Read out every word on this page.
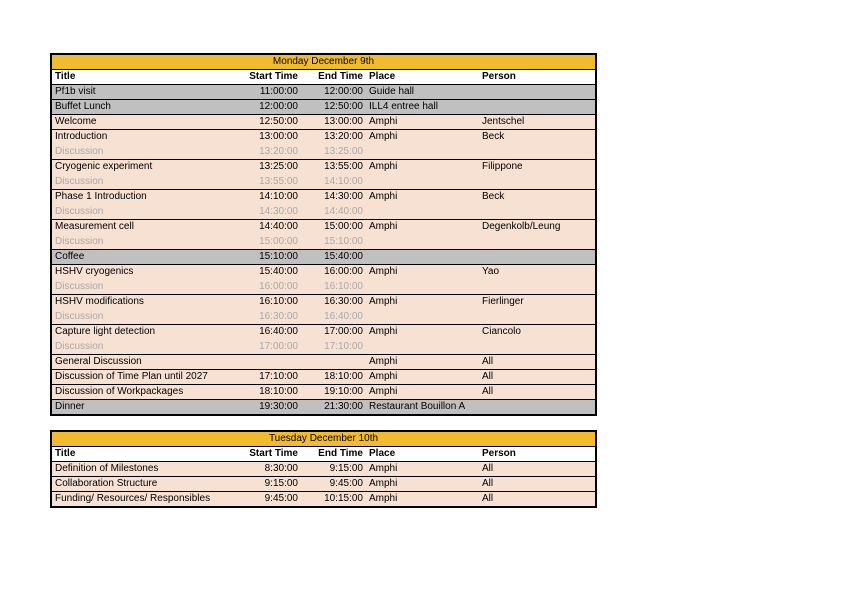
Monday December 9th				
Title	Start Time	End Time	Place	Person
Pf1b visit	11:00:00	12:00:00	Guide hall	
Buffet Lunch	12:00:00	12:50:00	ILL4 entree hall	
Welcome	12:50:00	13:00:00	Amphi	Jentschel
Introduction	13:00:00	13:20:00	Amphi	Beck
Discussion	13:20:00	13:25:00		
Cryogenic experiment	13:25:00	13:55:00	Amphi	Filippone
Discussion	13:55:00	14:10:00		
Phase 1 Introduction	14:10:00	14:30:00	Amphi	Beck
Discussion	14:30:00	14:40:00		
Measurement cell	14:40:00	15:00:00	Amphi	Degenkolb/Leung
Discussion	15:00:00	15:10:00		
Coffee	15:10:00	15:40:00		
HSHV cryogenics	15:40:00	16:00:00	Amphi	Yao
Discussion	16:00:00	16:10:00		
HSHV modifications	16:10:00	16:30:00	Amphi	Fierlinger
Discussion	16:30:00	16:40:00		
Capture light detection	16:40:00	17:00:00	Amphi	Ciancolo
Discussion	17:00:00	17:10:00		
General Discussion			Amphi	All
Discussion of Time Plan until 2027	17:10:00	18:10:00	Amphi	All
Discussion of Workpackages	18:10:00	19:10:00	Amphi	All
Dinner	19:30:00	21:30:00	Restaurant Bouillon A	
Tuesday December 10th				
Title	Start Time	End Time	Place	Person
Definition of Milestones	8:30:00	9:15:00	Amphi	All
Collaboration Structure	9:15:00	9:45:00	Amphi	All
Funding/ Resources/ Responsibles	9:45:00	10:15:00	Amphi	All
